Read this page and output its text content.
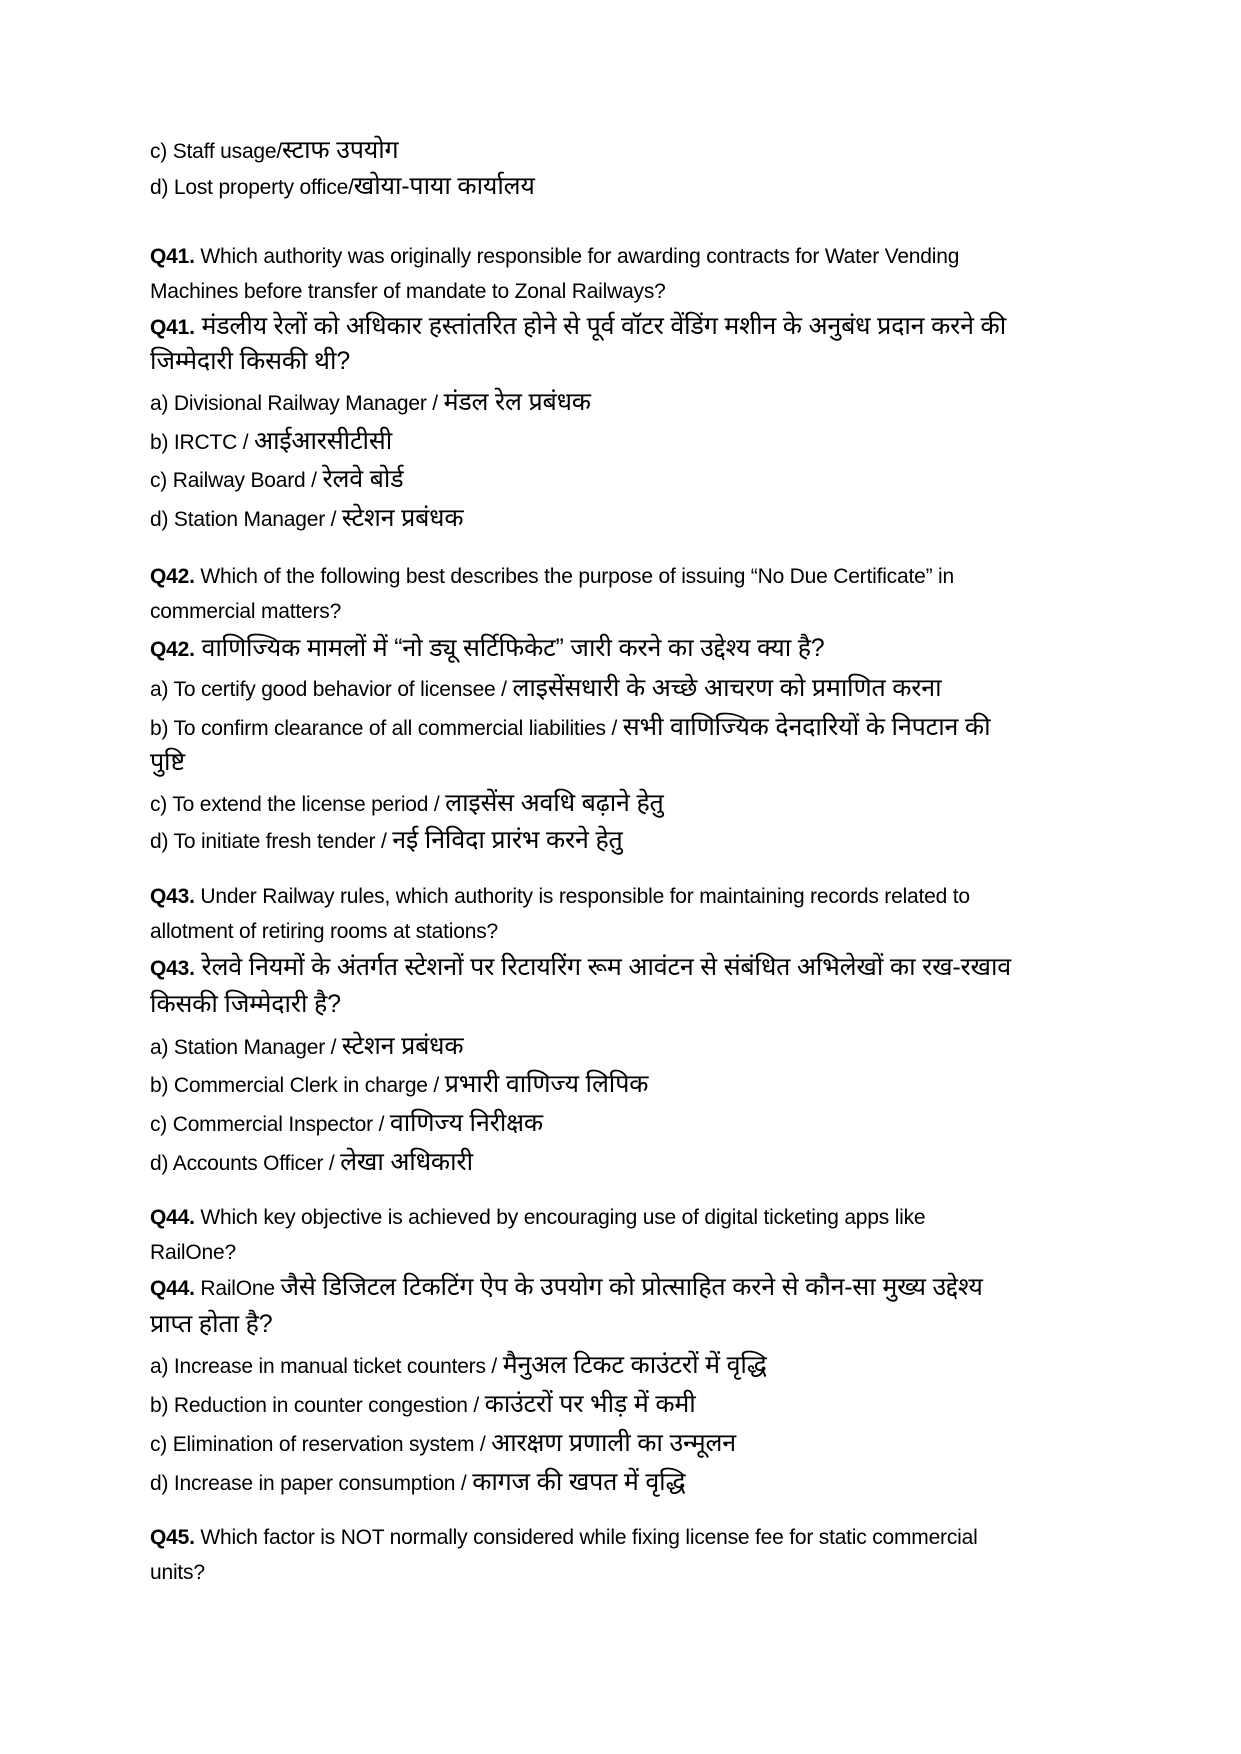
c) Staff usage/स्टाफ उपयोग
d) Lost property office/खोया-पाया कार्यालय
Q41. Which authority was originally responsible for awarding contracts for Water Vending
Machines before transfer of mandate to Zonal Railways?
Q41. मंडलीय रेलों को अधिकार हस्तांतरित होने से पूर्व वॉटर वेंडिंग मशीन के अनुबंध प्रदान करने की
जिम्मेदारी किसकी थी?
a) Divisional Railway Manager / मंडल रेल प्रबंधक
b) IRCTC / आईआरसीटीसी
c) Railway Board / रेलवे बोर्ड
d) Station Manager / स्टेशन प्रबंधक
Q42. Which of the following best describes the purpose of issuing “No Due Certificate” in
commercial matters?
Q42. वाणिज्यिक मामलों में “नो ड्यू सर्टिफिकेट” जारी करने का उद्देश्य क्या है?
a) To certify good behavior of licensee / लाइसेंसधारी के अच्छे आचरण को प्रमाणित करना
b) To confirm clearance of all commercial liabilities / सभी वाणिज्यिक देनदारियों के निपटान की
पुष्टि
c) To extend the license period / लाइसेंस अवधि बढ़ाने हेतु
d) To initiate fresh tender / नई निविदा प्रारंभ करने हेतु
Q43. Under Railway rules, which authority is responsible for maintaining records related to
allotment of retiring rooms at stations?
Q43. रेलवे नियमों के अंतर्गत स्टेशनों पर रिटायरिंग रूम आवंटन से संबंधित अभिलेखों का रख-रखाव
किसकी जिम्मेदारी है?
a) Station Manager / स्टेशन प्रबंधक
b) Commercial Clerk in charge / प्रभारी वाणिज्य लिपिक
c) Commercial Inspector / वाणिज्य निरीक्षक
d) Accounts Officer / लेखा अधिकारी
Q44. Which key objective is achieved by encouraging use of digital ticketing apps like
RailOne?
Q44. RailOne जैसे डिजिटल टिकटिंग ऐप के उपयोग को प्रोत्साहित करने से कौन-सा मुख्य उद्देश्य
प्राप्त होता है?
a) Increase in manual ticket counters / मैनुअल टिकट काउंटरों में वृद्धि
b) Reduction in counter congestion / काउंटरों पर भीड़ में कमी
c) Elimination of reservation system / आरक्षण प्रणाली का उन्मूलन
d) Increase in paper consumption / कागज की खपत में वृद्धि
Q45. Which factor is NOT normally considered while fixing license fee for static commercial
units?
